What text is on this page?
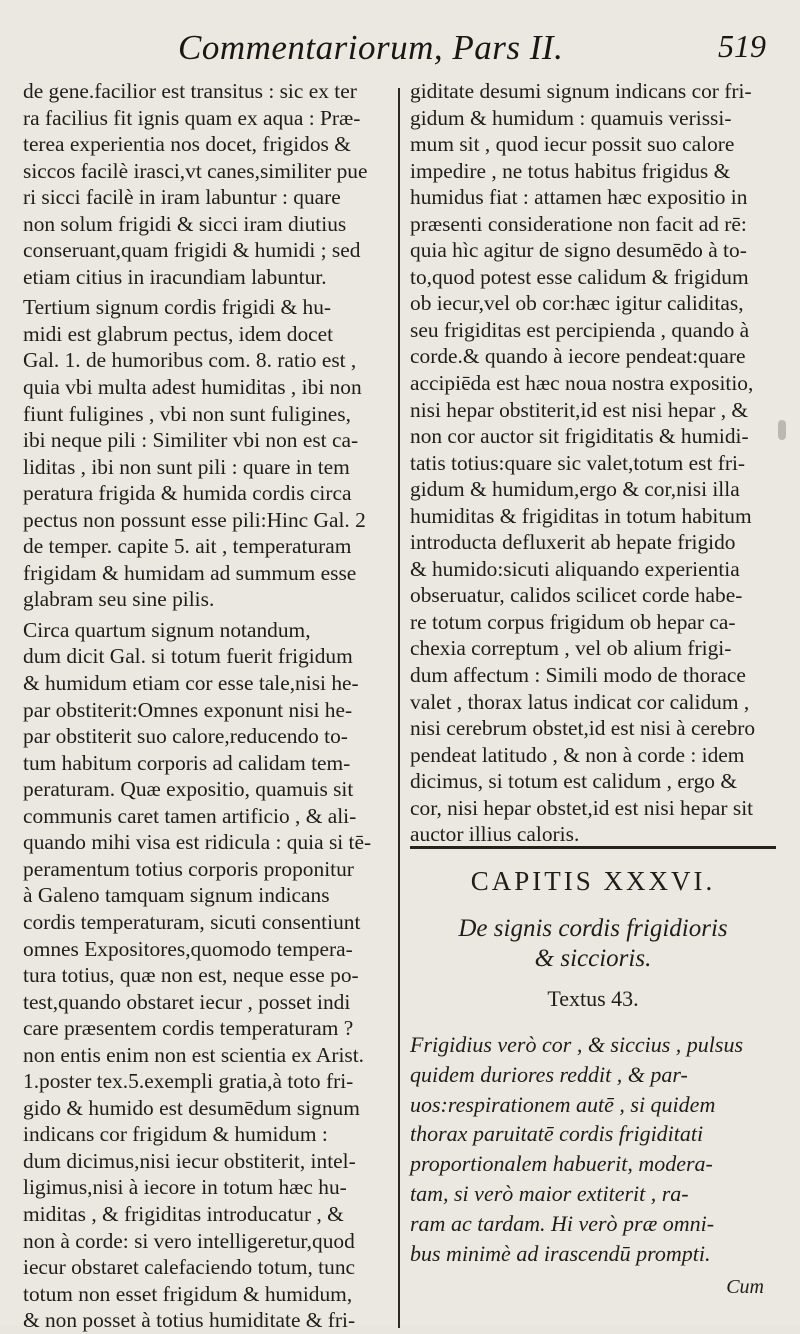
Commentariorum, Pars II.	519

de gene.facilior est transitus : sic ex ter
ra facilius fit ignis quam ex aqua : Præ-
terea experientia nos docet, frigidos &
siccos facilè irasci,vt canes,similiter pue
ri sicci facilè in iram labuntur : quare
non solum frigidi & sicci iram diutius
conseruant,quam frigidi & humidi ; sed
etiam citius in iracundiam labuntur.

Tertium signum cordis frigidi & hu-
midi est glabrum pectus, idem docet
Gal. 1. de humoribus com. 8. ratio est ,
quia vbi multa adest humiditas , ibi non
fiunt fuligines , vbi non sunt fuligines,
ibi neque pili : Similiter vbi non est ca-
liditas , ibi non sunt pili : quare in tem
peratura frigida & humida cordis circa
pectus non possunt esse pili:Hinc Gal. 2
de temper. capite 5. ait , temperaturam
frigidam & humidam ad summum esse
glabram seu sine pilis.

Circa quartum signum notandum,
dum dicit Gal. si totum fuerit frigidum
& humidum etiam cor esse tale,nisi he-
par obstiterit:Omnes exponunt nisi he-
par obstiterit suo calore,reducendo to-
tum habitum corporis ad calidam tem-
peraturam. Quæ expositio, quamuis sit
communis caret tamen artificio , & ali-
quando mihi visa est ridicula : quia si tē-
peramentum totius corporis proponitur
à Galeno tamquam signum indicans
cordis temperaturam, sicuti consentiunt
omnes Expositores,quomodo tempera-
tura totius, quæ non est, neque esse po-
test,quando obstaret iecur , posset indi
care præsentem cordis temperaturam ?
non entis enim non est scientia ex Arist.
1.poster tex.5.exempli gratia,à toto fri-
gido & humido est desumēdum signum
indicans cor frigidum & humidum :
dum dicimus,nisi iecur obstiterit, intel-
ligimus,nisi à iecore in totum hæc hu-
miditas , & frigiditas introducatur , &
non à corde: si vero intelligeretur,quod
iecur obstaret calefaciendo totum, tunc
totum non esset frigidum & humidum,
& non posset à totius humiditate & fri-

giditate desumi signum indicans cor fri-
gidum & humidum : quamuis verissi-
mum sit , quod iecur possit suo calore
impedire , ne totus habitus frigidus &
humidus fiat : attamen hæc expositio in
præsenti consideratione non facit ad rē:
quia hìc agitur de signo desumēdo à to-
to,quod potest esse calidum & frigidum
ob iecur,vel ob cor:hæc igitur caliditas,
seu frigiditas est percipienda , quando à
corde.& quando à iecore pendeat:quare
accipiēda est hæc noua nostra expositio,
nisi hepar obstiterit,id est nisi hepar , &
non cor auctor sit frigiditatis & humidi-
tatis totius:quare sic valet,totum est fri-
gidum & humidum,ergo & cor,nisi illa
humiditas & frigiditas in totum habitum
introducta defluxerit ab hepate frigido
& humido:sicuti aliquando experientia
obseruatur, calidos scilicet corde habe-
re totum corpus frigidum ob hepar ca-
chexia correptum , vel ob alium frigi-
dum affectum : Simili modo de thorace
valet , thorax latus indicat cor calidum ,
nisi cerebrum obstet,id est nisi à cerebro
pendeat latitudo , & non à corde : idem
dicimus, si totum est calidum , ergo &
cor, nisi hepar obstet,id est nisi hepar sit
auctor illius caloris.

CAPITIS XXXVI.
De signis cordis frigidioris
& siccioris.
Textus 43.
Frigidius verò cor , & siccius , pulsus
quidem duriores reddit , & par-
uos:respirationem autē , si quidem
thorax paruitatē cordis frigiditati
proportionalem habuerit, modera-
tam, si verò maior extiterit , ra-
ram ac tardam. Hi verò præ omni-
bus minimè ad irascendū prompti.
Cum
